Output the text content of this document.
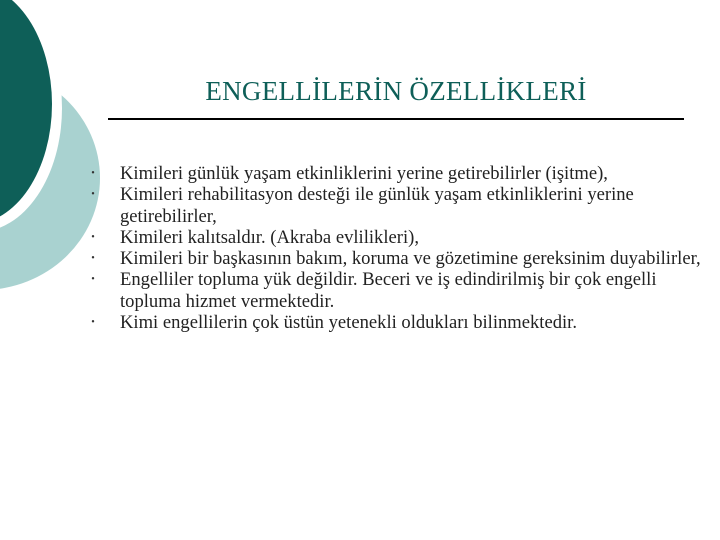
ENGELLİLERİN ÖZELLİKLERİ
• Kimileri günlük yaşam etkinliklerini yerine getirebilirler (işitme),
• Kimileri rehabilitasyon desteği ile günlük yaşam etkinliklerini yerine getirebilirler,
• Kimileri kalıtsaldır. (Akraba evlilikleri),
• Kimileri bir başkasının bakım, koruma ve gözetimine gereksinim duyabilirler,
• Engelliler topluma yük değildir. Beceri ve iş edindirilmiş bir çok engelli topluma hizmet vermektedir.
• Kimi engellilerin çok üstün yetenekli oldukları bilinmektedir.
